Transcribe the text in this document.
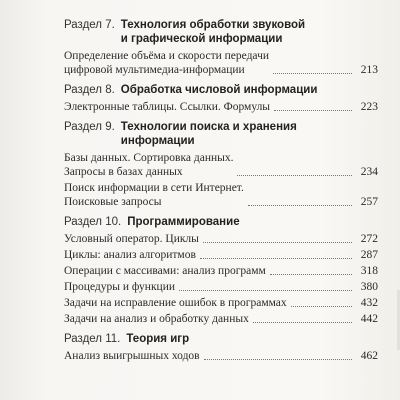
Раздел 7. Технология обработки звуковой
и графической информации
Определение объёма и скорости передачи
цифровой мультимедиа-информации	213
Раздел 8. Обработка числовой информации
Электронные таблицы. Ссылки. Формулы	223
Раздел 9. Технологии поиска и хранения
информации
Базы данных. Сортировка данных.
Запросы в базах данных	234
Поиск информации в сети Интернет.
Поисковые запросы	257
Раздел 10. Программирование
Условный оператор. Циклы	272
Циклы: анализ алгоритмов	287
Операции с массивами: анализ программ	318
Процедуры и функции	380
Задачи на исправление ошибок в программах	432
Задачи на анализ и обработку данных	442
Раздел 11. Теория игр
Анализ выигрышных ходов	462
